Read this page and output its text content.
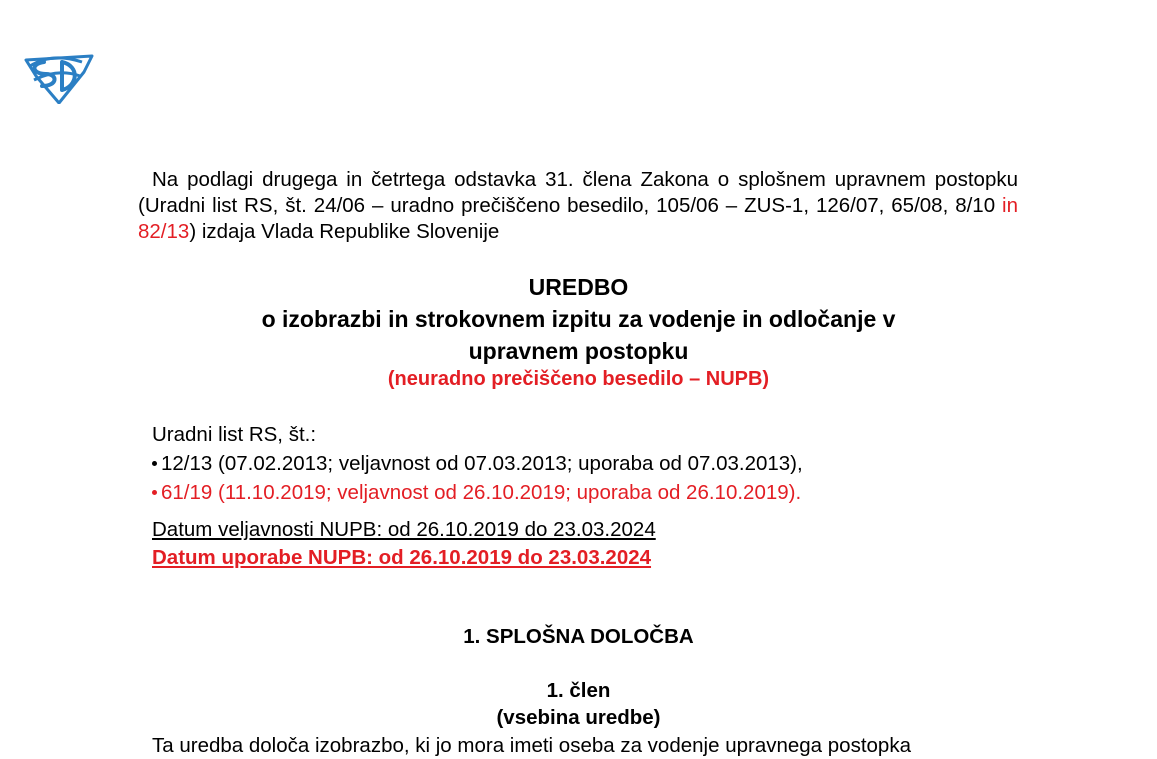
Na podlagi drugega in četrtega odstavka 31. člena Zakona o splošnem upravnem postopku (Uradni list RS, št. 24/06 – uradno prečiščeno besedilo, 105/06 – ZUS-1, 126/07, 65/08, 8/10 in 82/13) izdaja Vlada Republike Slovenije
UREDBO
o izobrazbi in strokovnem izpitu za vodenje in odločanje v
upravnem postopku
(neuradno prečiščeno besedilo – NUPB)
Uradni list RS, št.:
12/13 (07.02.2013; veljavnost od 07.03.2013; uporaba od 07.03.2013),
61/19 (11.10.2019; veljavnost od 26.10.2019; uporaba od 26.10.2019).
Datum veljavnosti NUPB: od 26.10.2019 do 23.03.2024
Datum uporabe NUPB: od 26.10.2019 do 23.03.2024
1. SPLOŠNA DOLOČBA
1. člen
(vsebina uredbe)
Ta uredba določa izobrazbo, ki jo mora imeti oseba za vodenje upravnega postopka
